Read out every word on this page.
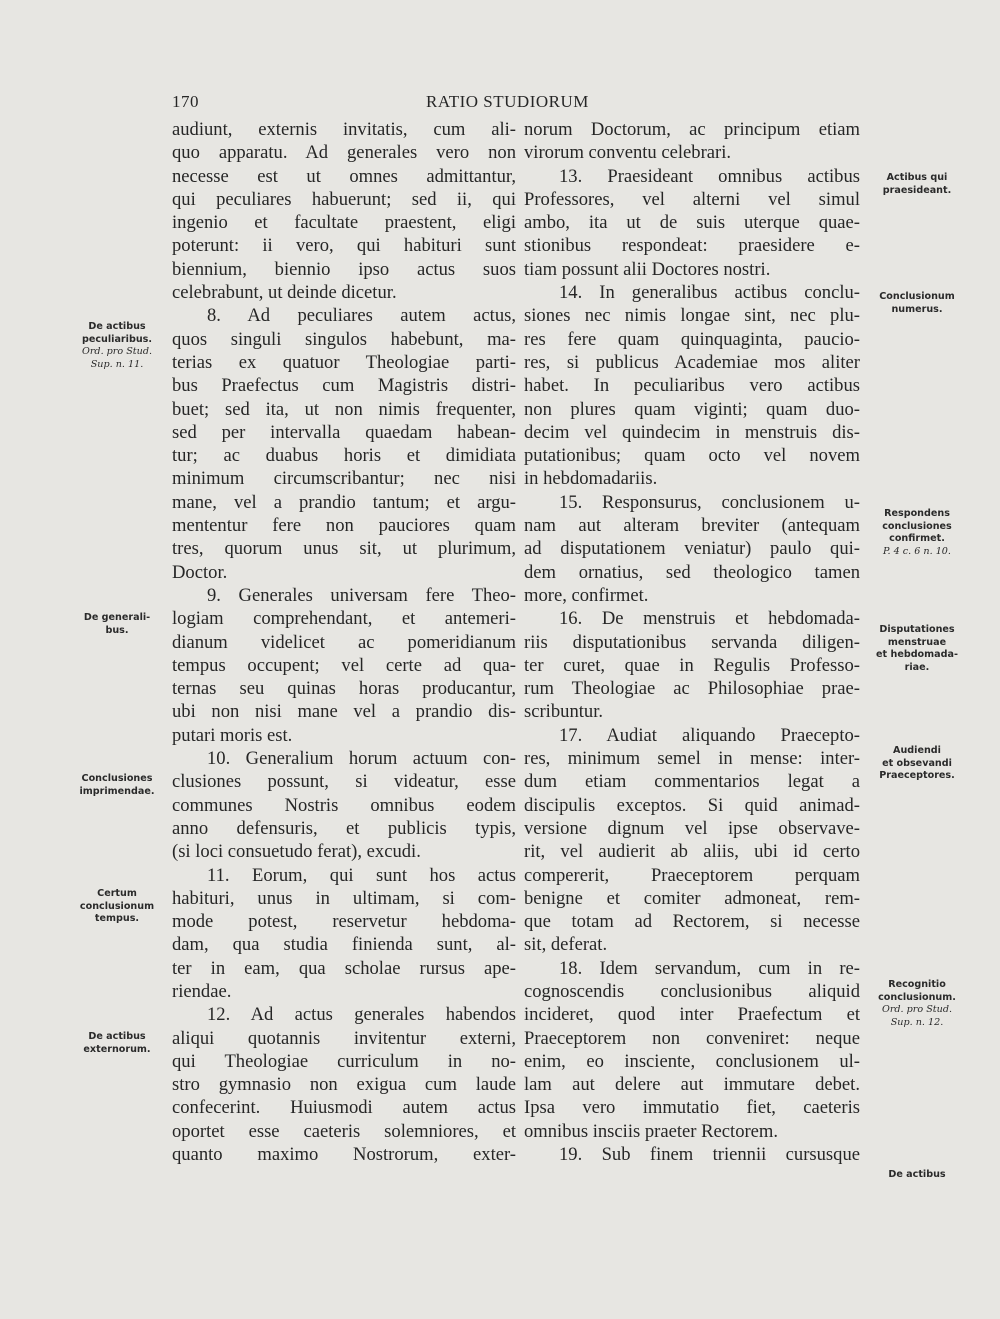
170	RATIO STUDIORUM
audiunt, externis invitatis, cum ali-
quo apparatu. Ad generales vero non
necesse est ut omnes admittantur,
qui peculiares habuerunt; sed ii, qui
ingenio et facultate praestent, eligi
poterunt: ii vero, qui habituri sunt
biennium, biennio ipso actus suos
celebrabunt, ut deinde dicetur.
8. Ad peculiares autem actus,
quos singuli singulos habebunt, ma-
terias ex quatuor Theologiae parti-
bus Praefectus cum Magistris distri-
buet; sed ita, ut non nimis frequenter,
sed per intervalla quaedam habean-
tur; ac duabus horis et dimidiata
minimum circumscribantur; nec nisi
mane, vel a prandio tantum; et argu-
mententur fere non pauciores quam
tres, quorum unus sit, ut plurimum,
Doctor.
9. Generales universam fere Theo-
logiam comprehendant, et antemeri-
dianum videlicet ac pomeridianum
tempus occupent; vel certe ad qua-
ternas seu quinas horas producantur,
ubi non nisi mane vel a prandio dis-
putari moris est.
10. Generalium horum actuum con-
clusiones possunt, si videatur, esse
communes Nostris omnibus eodem
anno defensuris, et publicis typis,
(si loci consuetudo ferat), excudi.
11. Eorum, qui sunt hos actus
habituri, unus in ultimam, si com-
mode potest, reservetur hebdoma-
dam, qua studia finienda sunt, al-
ter in eam, qua scholae rursus ape-
riendae.
12. Ad actus generales habendos
aliqui quotannis invitentur externi,
qui Theologiae curriculum in no-
stro gymnasio non exigua cum laude
confecerint. Huiusmodi autem actus
oportet esse caeteris solemniores, et
quanto maximo Nostrorum, exter-
norum Doctorum, ac principum etiam
virorum conventu celebrari.
13. Praesideant omnibus actibus
Professores, vel alterni vel simul
ambo, ita ut de suis uterque quae-
stionibus respondeat: praesidere e-
tiam possunt alii Doctores nostri.
14. In generalibus actibus conclu-
siones nec nimis longae sint, nec plu-
res fere quam quinquaginta, paucio-
res, si publicus Academiae mos aliter
habet. In peculiaribus vero actibus
non plures quam viginti; quam duo-
decim vel quindecim in menstruis dis-
putationibus; quam octo vel novem
in hebdomadariis.
15. Responsurus, conclusionem u-
nam aut alteram breviter (antequam
ad disputationem veniatur) paulo qui-
dem ornatius, sed theologico tamen
more, confirmet.
16. De menstruis et hebdomada-
riis disputationibus servanda diligen-
ter curet, quae in Regulis Professo-
rum Theologiae ac Philosophiae prae-
scribuntur.
17. Audiat aliquando Praecepto-
res, minimum semel in mense: inter-
dum etiam commentarios legat a
discipulis exceptos. Si quid animad-
versione dignum vel ipse observave-
rit, vel audierit ab aliis, ubi id certo
compererit, Praeceptorem perquam
benigne et comiter admoneat, rem-
que totam ad Rectorem, si necesse
sit, deferat.
18. Idem servandum, cum in re-
cognoscendis conclusionibus aliquid
incideret, quod inter Praefectum et
Praeceptorem non conveniret: neque
enim, eo insciente, conclusionem ul-
lam aut delere aut immutare debet.
Ipsa vero immutatio fiet, caeteris
omnibus insciis praeter Rectorem.
19. Sub finem triennii cursusque
De actibus
peculiaribus.
Ord. pro Stud.
Sup. n. 11.
De generali-
bus.
Conclusiones
imprimendae.
Certum
conclusionum
tempus.
De actibus
externorum.
Actibus qui
praesideant.
Conclusionum
numerus.
Respondens
conclusiones
confirmet.
P. 4 c. 6 n. 10.
Disputationes
menstruae
et hebdomada-
riae.
Audiendi
et obsevandi
Praeceptores.
Recognitio
conclusionum.
Ord. pro Stud.
Sup. n. 12.
De actibus
